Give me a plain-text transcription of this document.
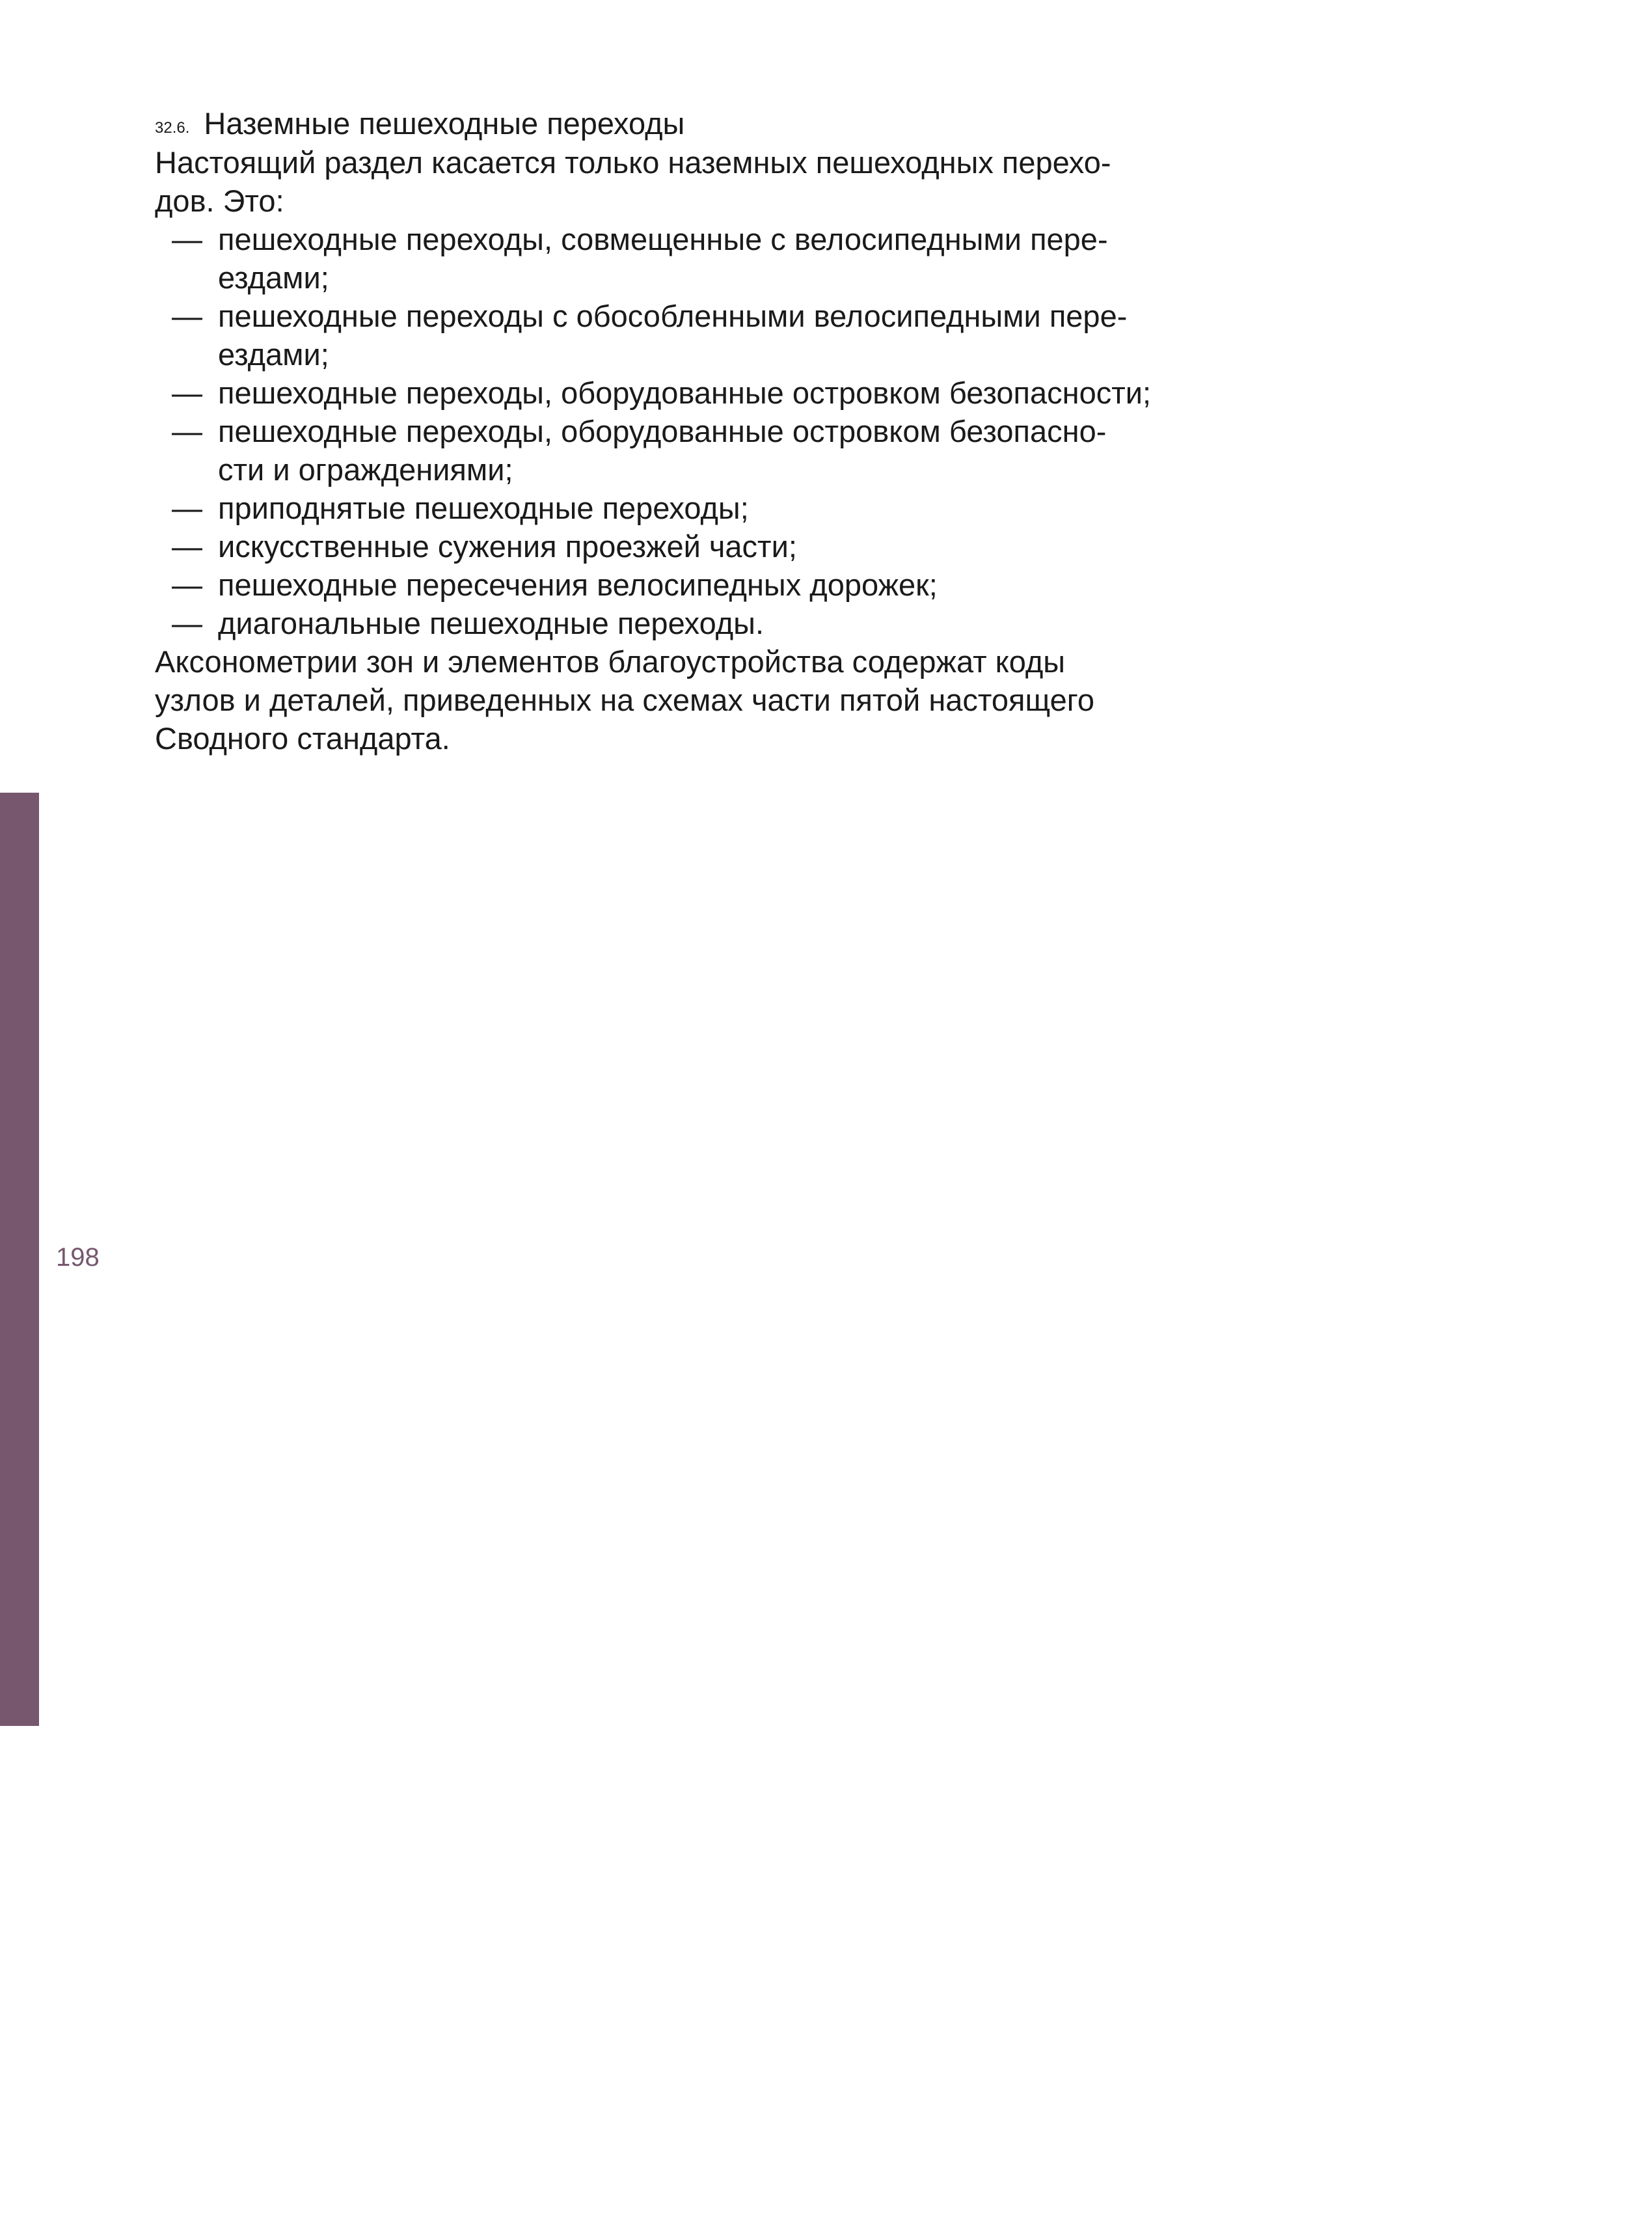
198
32.6. Наземные пешеходные переходы

Настоящий раздел касается только наземных пешеходных перехо-
дов. Это:

— пешеходные переходы, совмещенные с велосипедными пере-
ездами;
— пешеходные переходы с обособленными велосипедными пере-
ездами;
— пешеходные переходы, оборудованные островком безопасности;
— пешеходные переходы, оборудованные островком безопасно-
сти и ограждениями;
— приподнятые пешеходные переходы;
— искусственные сужения проезжей части;
— пешеходные пересечения велосипедных дорожек;
— диагональные пешеходные переходы.

Аксонометрии зон и элементов благоустройства содержат коды
узлов и деталей, приведенных на схемах части пятой настоящего
Сводного стандарта.
